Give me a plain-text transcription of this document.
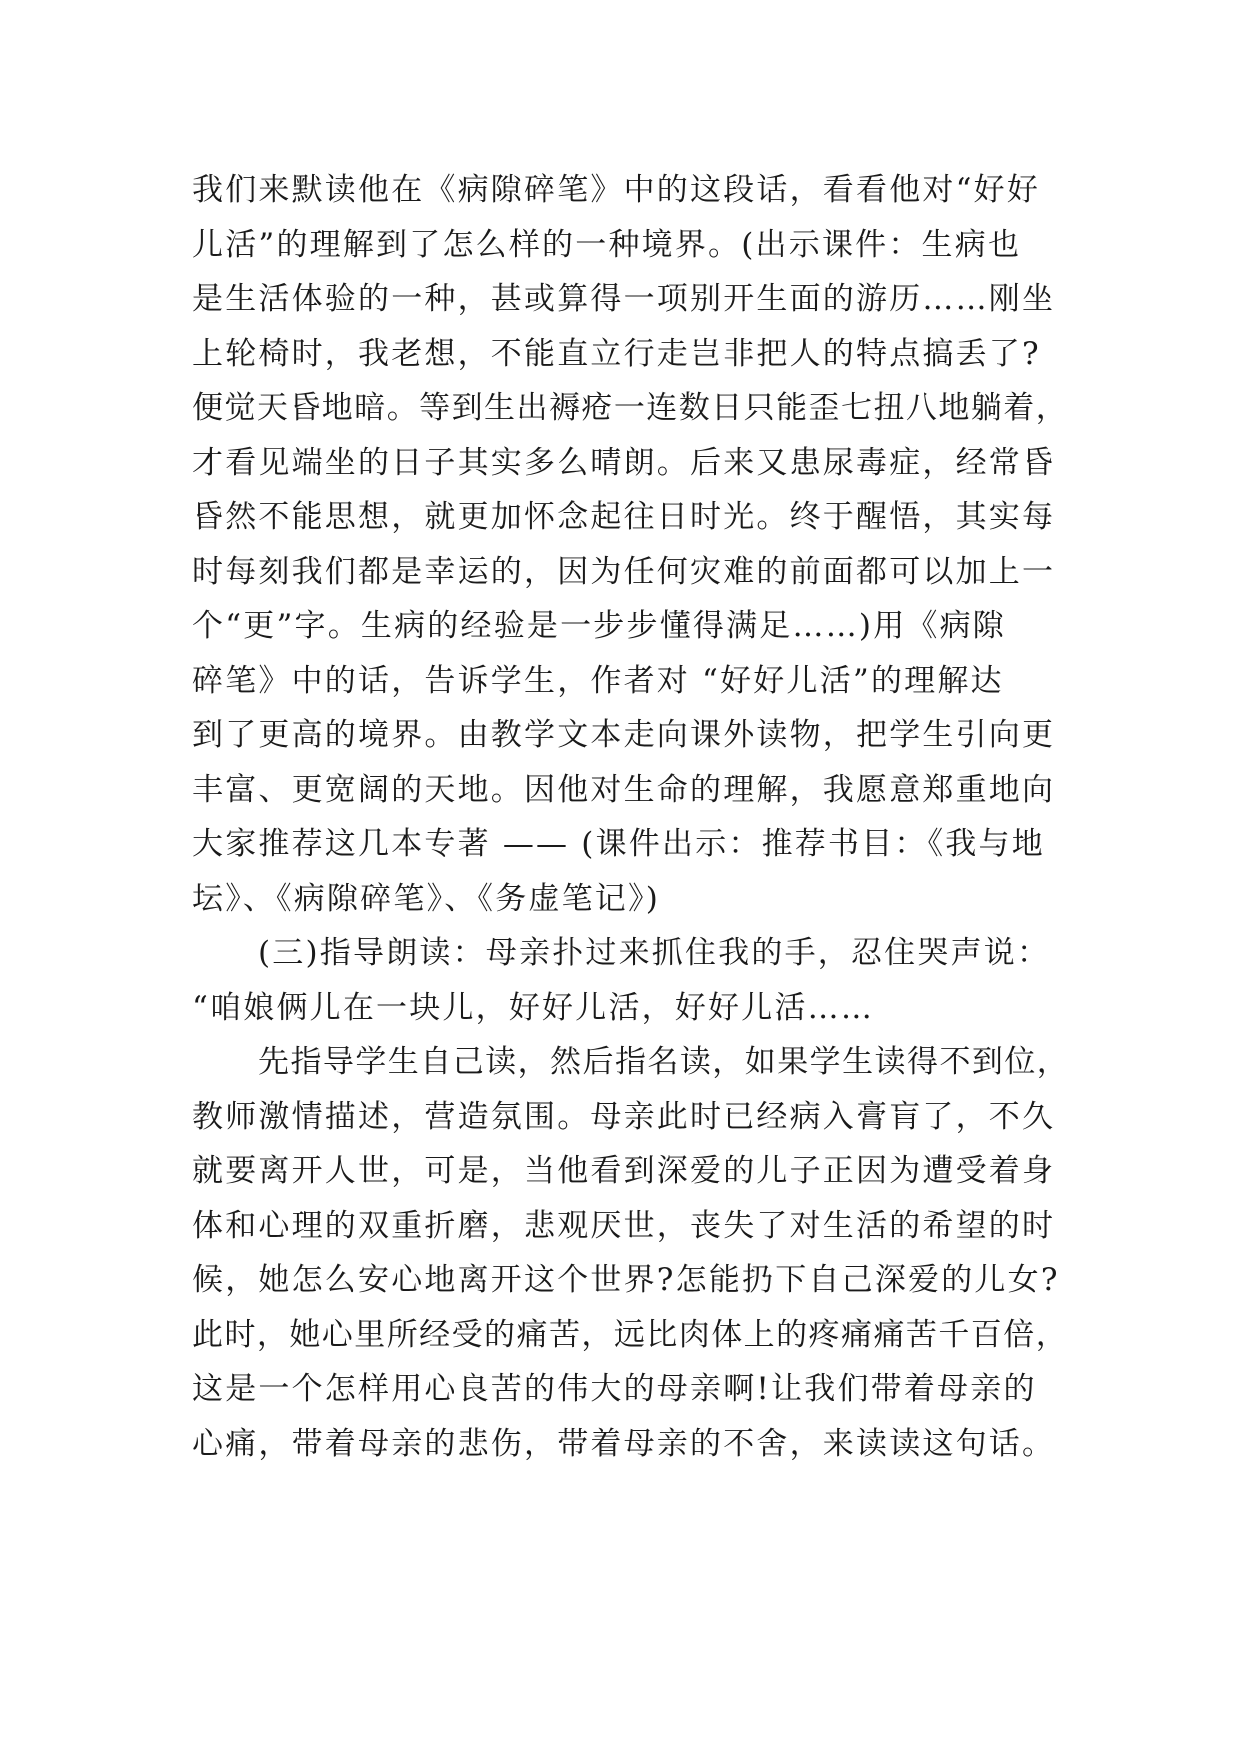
我们来默读他在《病隙碎笔》中的这段话，看看他对“好好
儿活”的理解到了怎么样的一种境界。(出示课件：生病也
是生活体验的一种，甚或算得一项别开生面的游历……刚坐
上轮椅时，我老想，不能直立行走岂非把人的特点搞丢了?
便觉天昏地暗。等到生出褥疮一连数日只能歪七扭八地躺着，
才看见端坐的日子其实多么晴朗。后来又患尿毒症，经常昏
昏然不能思想，就更加怀念起往日时光。终于醒悟，其实每
时每刻我们都是幸运的，因为任何灾难的前面都可以加上一
个“更”字。生病的经验是一步步懂得满足……)用《病隙
碎笔》中的话，告诉学生，作者对 “好好儿活”的理解达
到了更高的境界。由教学文本走向课外读物，把学生引向更
丰富、更宽阔的天地。因他对生命的理解，我愿意郑重地向
大家推荐这几本专著 —— (课件出示：推荐书目：《我与地
坛》、《病隙碎笔》、《务虚笔记》)
(三)指导朗读：母亲扑过来抓住我的手，忍住哭声说：
“咱娘俩儿在一块儿，好好儿活，好好儿活……
先指导学生自己读，然后指名读，如果学生读得不到位，
教师激情描述，营造氛围。母亲此时已经病入膏肓了，不久
就要离开人世，可是，当他看到深爱的儿子正因为遭受着身
体和心理的双重折磨，悲观厌世，丧失了对生活的希望的时
候，她怎么安心地离开这个世界?怎能扔下自己深爱的儿女?
此时，她心里所经受的痛苦，远比肉体上的疼痛痛苦千百倍，
这是一个怎样用心良苦的伟大的母亲啊!让我们带着母亲的
心痛，带着母亲的悲伤，带着母亲的不舍，来读读这句话。
